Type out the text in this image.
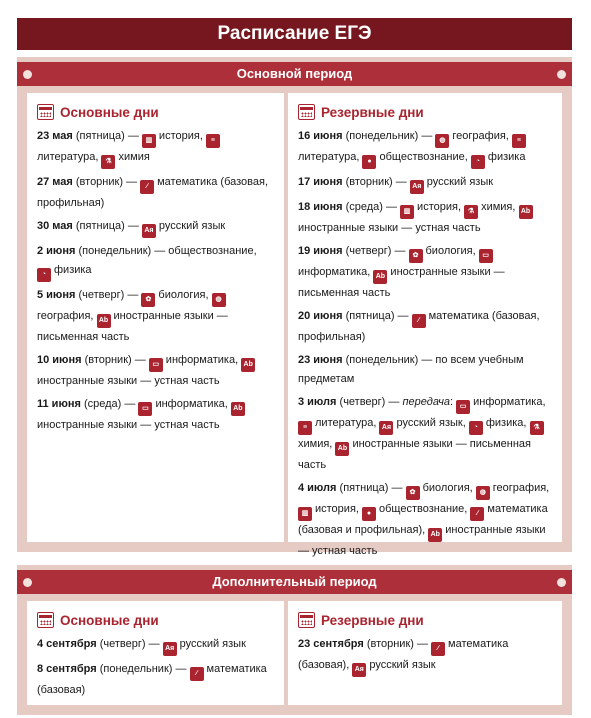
Расписание ЕГЭ
Основной период
Основные дни
23 мая (пятница) — ▥ история, ≡литература, ⚗ химия
27 мая (вторник) — ∕ математика (базовая, профильная)
30 мая (пятница) — Ая русский язык
2 июня (понедельник) — обществознание, ◔ физика
5 июня (четверг) — ✿ биология, ◍география, Ab иностранные языки — письменная часть
10 июня (вторник) — ▭ информатика, Abиностранные языки — устная часть
11 июня (среда) — ▭ информатика, Abиностранные языки — устная часть
Резервные дни
16 июня (понедельник) — ◍ география, ≡литература, ● обществознание, ◔ физика
17 июня (вторник) — Ая русский язык
18 июня (среда) — ▥ история, ⚗ химия, Abиностранные языки — устная часть
19 июня (четверг) — ✿ биология, ▭информатика, Ab иностранные языки — письменная часть
20 июня (пятница) — ∕ математика (базовая, профильная)
23 июня (понедельник) — по всем учебным предметам
3 июля (четверг) — передача: ▭ информатика, ≡ литература, Ая русский язык, ◔ физика, ⚗химия, Ab иностранные языки — письменная часть
4 июля (пятница) — ✿ биология, ◍ география, ▥ история, ● обществознание, ∕ математика (базовая и профильная), Ab иностранные языки — устная часть
Дополнительный период
Основные дни
4 сентября (четверг) — Ая русский язык
8 сентября (понедельник) — ∕ математика (базовая)
Резервные дни
23 сентября (вторник) — ∕ математика (базовая), Ая русский язык
